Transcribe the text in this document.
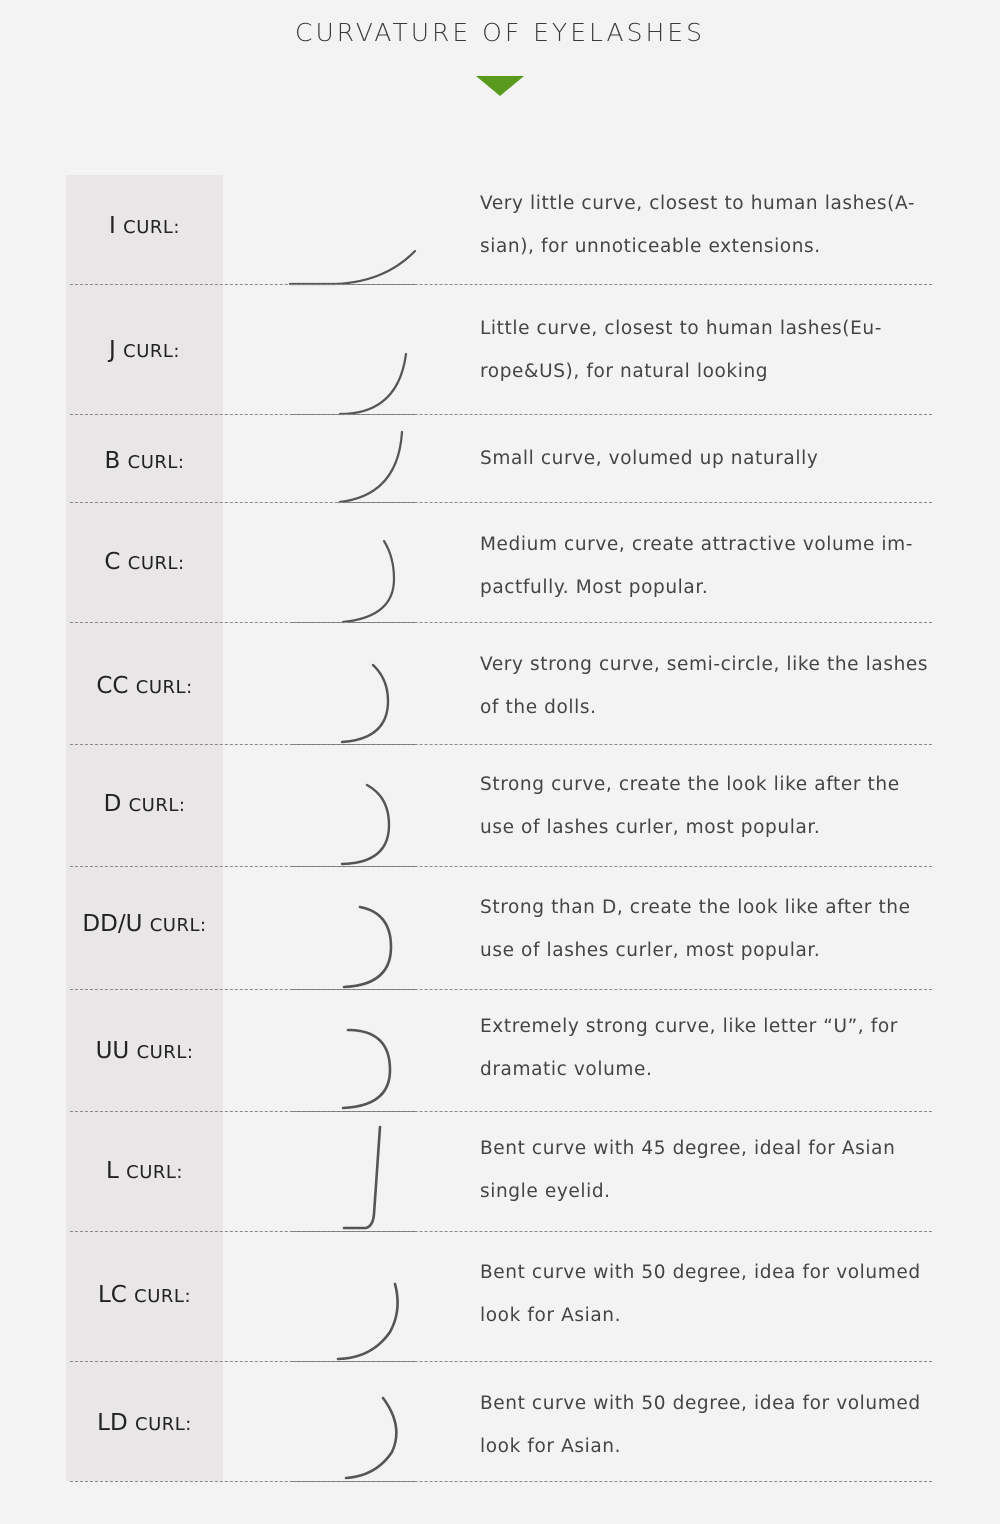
CURVATURE OF EYELASHES
I CURL:
Very little curve, closest to human lashes(A-sian), for unnoticeable extensions.
J CURL:
Little curve, closest to human lashes(Eu-rope&US), for natural looking
B CURL:	Small curve, volumed up naturally
C CURL:
Medium curve, create attractive volume im-pactfully. Most popular.
CC CURL:
Very strong curve, semi-circle, like the lashes of the dolls.
D CURL:
Strong curve, create the look like after the use of lashes curler, most popular.
DD/U CURL:
Strong than D, create the look like after the use of lashes curler, most popular.
UU CURL:
Extremely strong curve, like letter “U”, for dramatic volume.
L CURL:
Bent curve with 45 degree, ideal for Asian single eyelid.
LC CURL:
Bent curve with 50 degree, idea for volumed look for Asian.
LD CURL:
Bent curve with 50 degree, idea for volumed look for Asian.
